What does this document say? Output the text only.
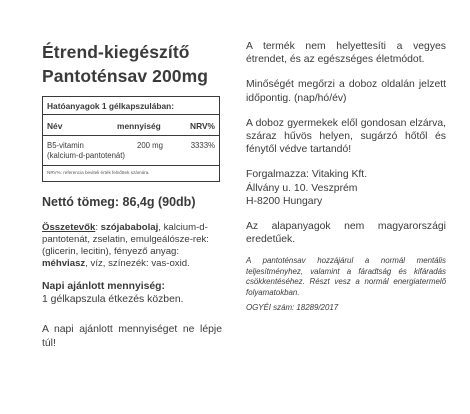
Étrend-kiegészítő
Pantoténsav 200mg
Hatóanyagok 1 gélkapszulában:
Név	mennyiség	NRV%
B5-vitamin
(kalcium-d-pantotenát)
200 mg	3333%
NRV%: referencia beviteli érték felnőttek számára.
Nettó tömeg: 86,4g (90db)
Összetevők: szójababolaj, kalcium-d-pantotenát, zselatin, emulgeálósze-rek: (glicerin, lecitin), fényező anyag: méhviasz, víz, színezék: vas-oxid.
Napi ajánlott mennyiség:
1 gélkapszula étkezés közben.
A napi ajánlott mennyiséget ne lépje túl!
A termék nem helyettesíti a vegyes étrendet, és az egészséges életmódot.
Minőségét megőrzi a doboz oldalán jelzett időpontig. (nap/hó/év)
A doboz gyermekek elől gondosan elzárva, száraz hűvös helyen, sugárzó hőtől és fénytől védve tartandó!
Forgalmazza: Vitaking Kft.
Állvány u. 10. Veszprém
H-8200 Hungary
Az alapanyagok nem magyarországi eredetűek.
A pantoténsav hozzájárul a normál mentális teljesítményhez, valamint a fáradtság és kifáradás csökkentéséhez. Részt vesz a normál energiatermelő folyamatokban.
OGYÉI szám: 18289/2017
